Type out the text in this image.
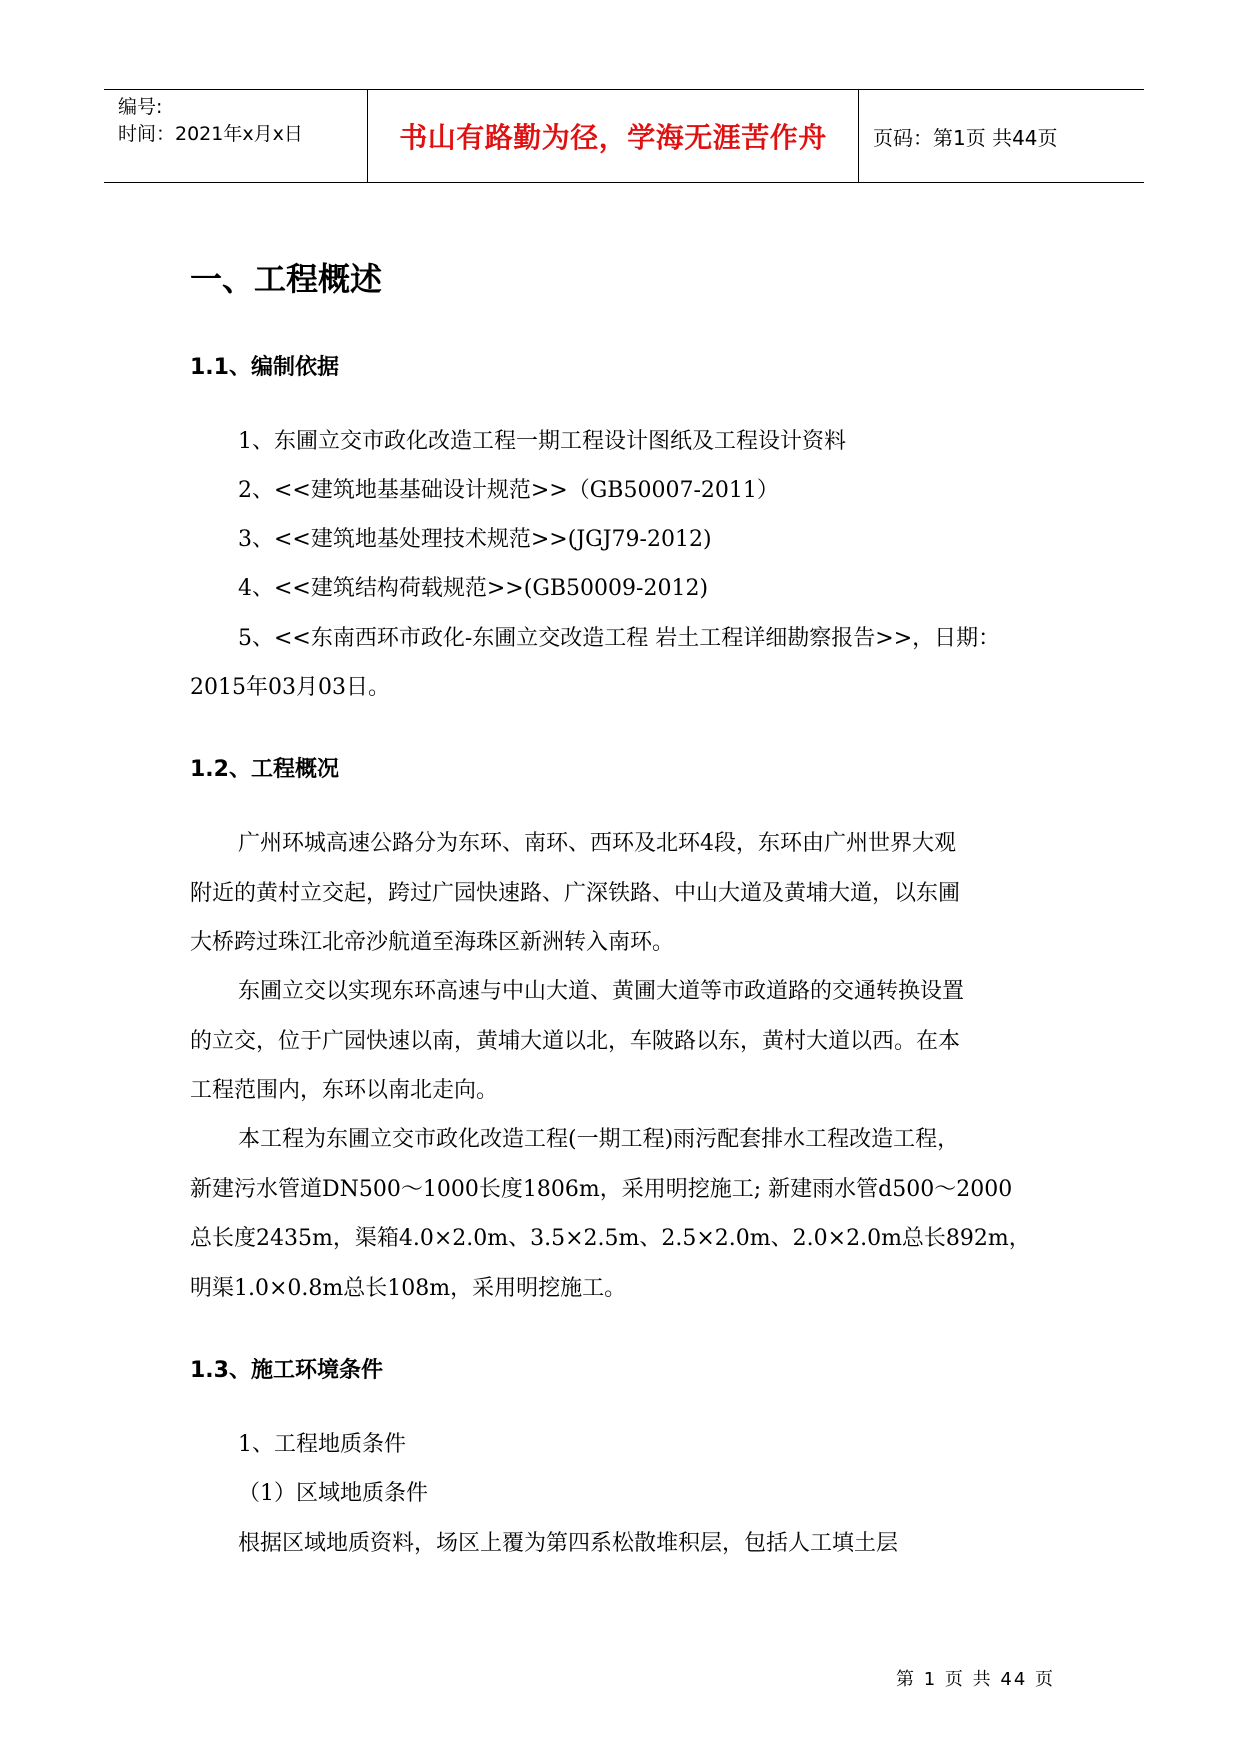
编号:
时间：2021年x月x日	书山有路勤为径，学海无涯苦作舟	页码：第1页 共44页
一、工程概述
1.1、编制依据
1、东圃立交市政化改造工程一期工程设计图纸及工程设计资料
2、<<建筑地基基础设计规范>>（GB50007-2011）
3、<<建筑地基处理技术规范>>(JGJ79-2012)
4、<<建筑结构荷载规范>>(GB50009-2012)
5、<<东南西环市政化-东圃立交改造工程 岩土工程详细勘察报告>>，日期：
2015年03月03日。
1.2、工程概况
广州环城高速公路分为东环、南环、西环及北环4段，东环由广州世界大观
附近的黄村立交起，跨过广园快速路、广深铁路、中山大道及黄埔大道，以东圃
大桥跨过珠江北帝沙航道至海珠区新洲转入南环。
东圃立交以实现东环高速与中山大道、黄圃大道等市政道路的交通转换设置
的立交，位于广园快速以南，黄埔大道以北，车陂路以东，黄村大道以西。在本
工程范围内，东环以南北走向。
本工程为东圃立交市政化改造工程(一期工程)雨污配套排水工程改造工程，
新建污水管道DN500～1000长度1806m，采用明挖施工; 新建雨水管d500～2000
总长度2435m，渠箱4.0×2.0m、3.5×2.5m、2.5×2.0m、2.0×2.0m总长892m，
明渠1.0×0.8m总长108m，采用明挖施工。
1.3、施工环境条件
1、工程地质条件
（1）区域地质条件
根据区域地质资料，场区上覆为第四系松散堆积层，包括人工填土层
第 1 页 共 44 页
